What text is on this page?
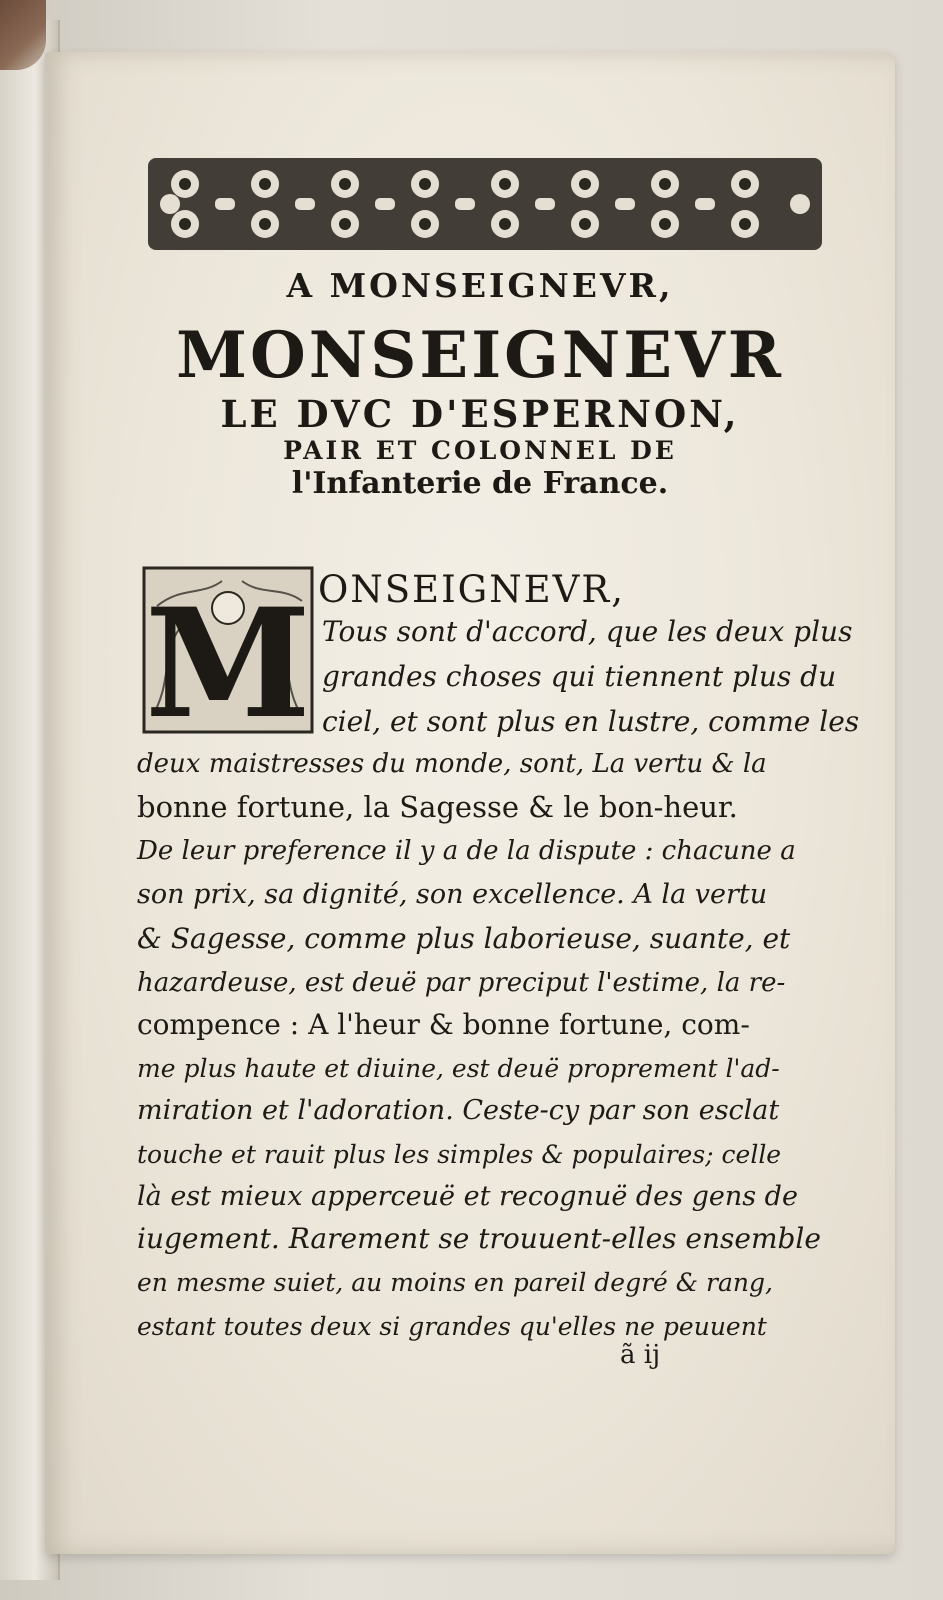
A MONSEIGNEVR,
MONSEIGNEVR
LE DVC D'ESPERNON,
PAIR ET COLONNEL DE
l'Infanterie de France.
M ONSEIGNEVR,

Tous sont d'accord, que les deux plus
grandes choses qui tiennent plus du
ciel, et sont plus en lustre, comme les
deux maistresses du monde, sont, La vertu & la
bonne fortune, la Sagesse & le bon-heur.
De leur preference il y a de la dispute : chacune a
son prix, sa dignité, son excellence. A la vertu
& Sagesse, comme plus laborieuse, suante, et
hazardeuse, est deuë par preciput l'estime, la re-
compence : A l'heur & bonne fortune, com-
me plus haute et diuine, est deuë proprement l'ad-
miration et l'adoration. Ceste-cy par son esclat
touche et rauit plus les simples & populaires; celle
là est mieux apperceuë et recognuë des gens de
iugement. Rarement se trouuent-elles ensemble
en mesme suiet, au moins en pareil degré & rang,
estant toutes deux si grandes qu'elles ne peuuent

ã ij
